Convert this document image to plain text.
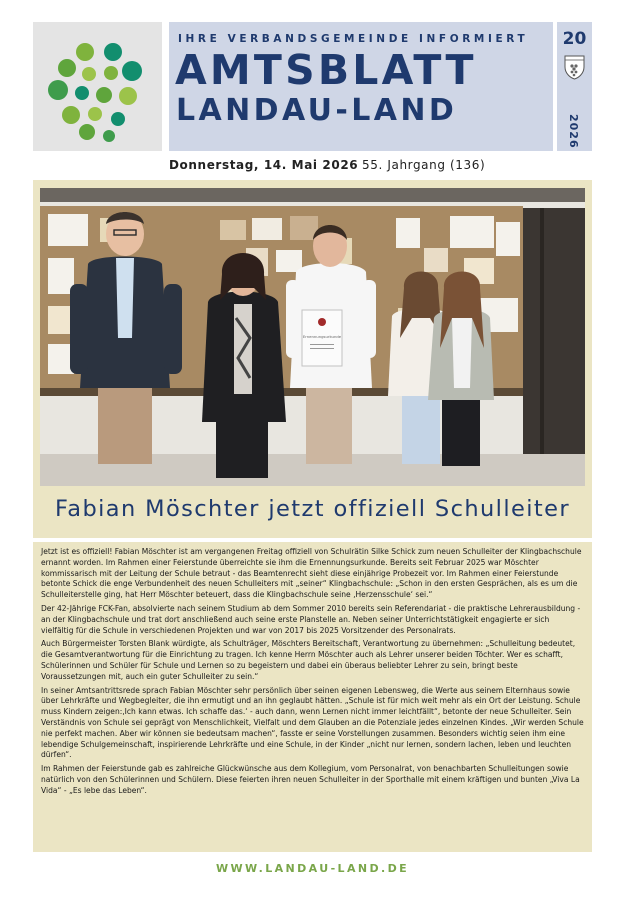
IHRE VERBANDSGEMEINDE INFORMIERT
AMTSBLATT
LANDAU-LAND
20
2026
Donnerstag, 14. Mai 2026 55. Jahrgang (136)
Ernennungsurkunde
Fabian Möschter jetzt offiziell Schulleiter

Jetzt ist es offiziell! Fabian Möschter ist am vergangenen Freitag offiziell von Schulrätin Silke Schick zum neuen Schulleiter der Klingbachschule ernannt worden. Im Rahmen einer Feierstunde überreichte sie ihm die Ernennungsurkunde. Bereits seit Februar 2025 war Möschter kommissarisch mit der Leitung der Schule betraut - das Beamtenrecht sieht diese einjährige Probezeit vor. Im Rahmen einer Feierstunde betonte Schick die enge Verbundenheit des neuen Schulleiters mit „seiner“ Klingbachschule: „Schon in den ersten Gesprächen, als es um die Schulleiterstelle ging, hat Herr Möschter beteuert, dass die Klingbachschule seine ‚Herzensschule‘ sei.“

Der 42-Jährige FCK-Fan, absolvierte nach seinem Studium ab dem Sommer 2010 bereits sein Referendariat - die praktische Lehrerausbildung - an der Klingbachschule und trat dort anschließend auch seine erste Planstelle an. Neben seiner Unterrichtstätigkeit engagierte er sich vielfältig für die Schule in verschiedenen Projekten und war von 2017 bis 2025 Vorsitzender des Personalrats.

Auch Bürgermeister Torsten Blank würdigte, als Schulträger, Möschters Bereitschaft, Verantwortung zu übernehmen: „Schulleitung bedeutet, die Gesamtverantwortung für die Einrichtung zu tragen. Ich kenne Herrn Möschter auch als Lehrer unserer beiden Töchter. Wer es schafft, Schülerinnen und Schüler für Schule und Lernen so zu begeistern und dabei ein überaus beliebter Lehrer zu sein, bringt beste Voraussetzungen mit, auch ein guter Schulleiter zu sein.“

In seiner Amtsantrittsrede sprach Fabian Möschter sehr persönlich über seinen eigenen Lebensweg, die Werte aus seinem Elternhaus sowie über Lehrkräfte und Wegbegleiter, die ihn ermutigt und an ihn geglaubt hätten. „Schule ist für mich weit mehr als ein Ort der Leistung. Schule muss Kindern zeigen:‚Ich kann etwas. Ich schaffe das.‘ - auch dann, wenn Lernen nicht immer leichtfällt“, betonte der neue Schulleiter. Sein Verständnis von Schule sei geprägt von Menschlichkeit, Vielfalt und dem Glauben an die Potenziale jedes einzelnen Kindes. „Wir werden Schule nie perfekt machen. Aber wir können sie bedeutsam machen“, fasste er seine Vorstellungen zusammen. Besonders wichtig seien ihm eine lebendige Schulgemeinschaft, inspirierende Lehrkräfte und eine Schule, in der Kinder „nicht nur lernen, sondern lachen, leben und leuchten dürfen“.

Im Rahmen der Feierstunde gab es zahlreiche Glückwünsche aus dem Kollegium, vom Personalrat, von benachbarten Schulleitungen sowie natürlich von den Schülerinnen und Schülern. Diese feierten ihren neuen Schulleiter in der Sporthalle mit einem kräftigen und bunten „Viva La Vida“ - „Es lebe das Leben“.

WWW.LANDAU-LAND.DE
